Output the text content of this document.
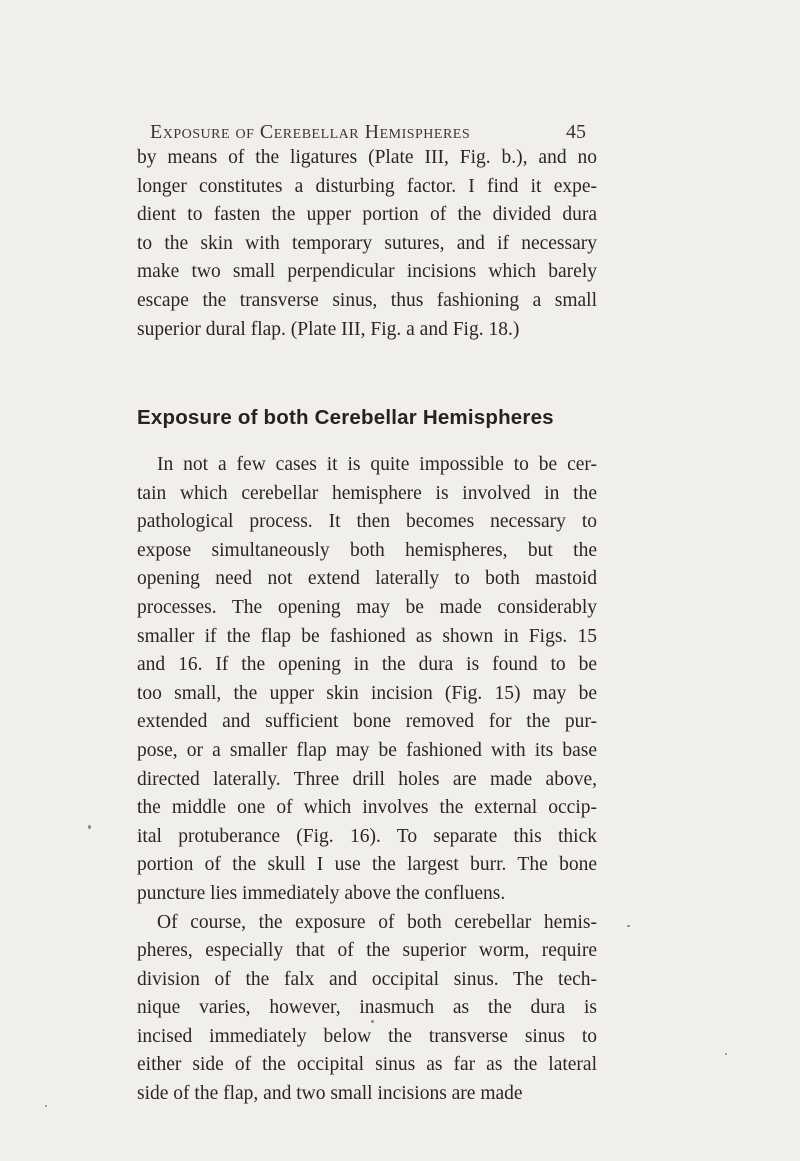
Exposure of Cerebellar Hemispheres	45
by means of the ligatures (Plate III, Fig. b.), and no
longer constitutes a disturbing factor. I find it expe-
dient to fasten the upper portion of the divided dura
to the skin with temporary sutures, and if necessary
make two small perpendicular incisions which barely
escape the transverse sinus, thus fashioning a small
superior dural flap. (Plate III, Fig. a and Fig. 18.)
Exposure of both Cerebellar Hemispheres
In not a few cases it is quite impossible to be cer-
tain which cerebellar hemisphere is involved in the
pathological process. It then becomes necessary to
expose simultaneously both hemispheres, but the
opening need not extend laterally to both mastoid
processes. The opening may be made considerably
smaller if the flap be fashioned as shown in Figs. 15
and 16. If the opening in the dura is found to be
too small, the upper skin incision (Fig. 15) may be
extended and sufficient bone removed for the pur-
pose, or a smaller flap may be fashioned with its base
directed laterally. Three drill holes are made above,
the middle one of which involves the external occip-
ital protuberance (Fig. 16). To separate this thick
portion of the skull I use the largest burr. The bone
puncture lies immediately above the confluens.
Of course, the exposure of both cerebellar hemis-
pheres, especially that of the superior worm, require
division of the falx and occipital sinus. The tech-
nique varies, however, inasmuch as the dura is
incised immediately below the transverse sinus to
either side of the occipital sinus as far as the lateral
side of the flap, and two small incisions are made
